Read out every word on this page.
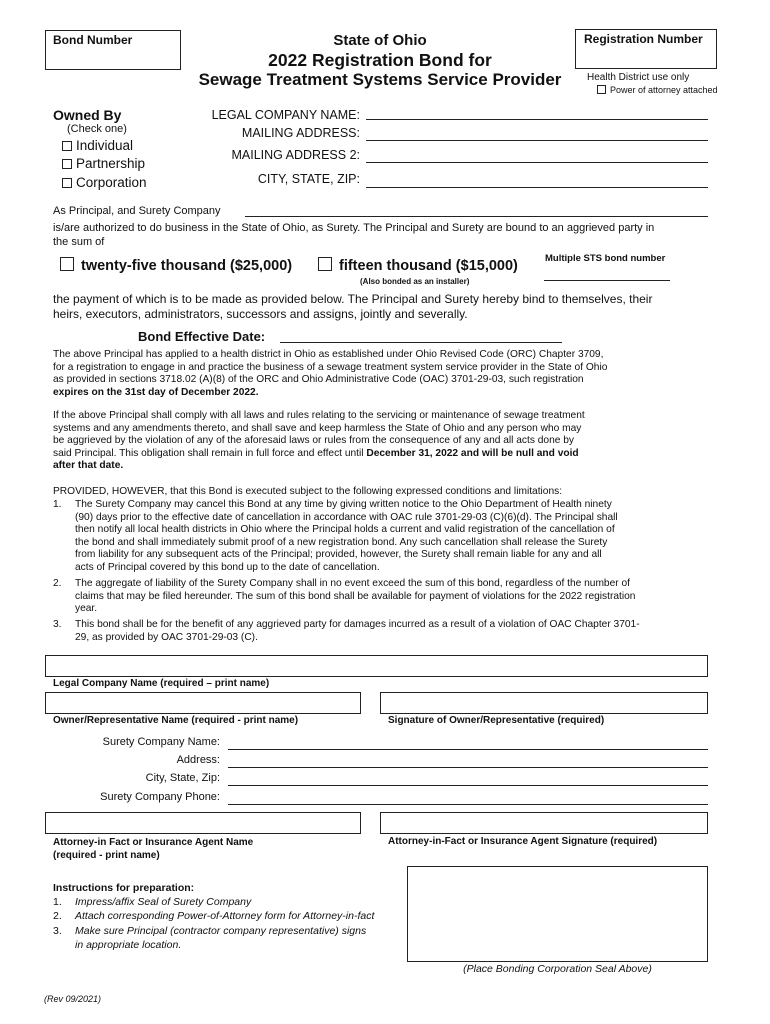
Bond Number	State of Ohio
2022 Registration Bond for
Sewage Treatment Systems Service Provider
Registration Number
Health District use only
Power of attorney attached
Owned By
(Check one)
Individual
Partnership
Corporation
LEGAL COMPANY NAME:
MAILING ADDRESS:
MAILING ADDRESS 2:
CITY, STATE, ZIP:
As Principal, and Surety Company
is/are authorized to do business in the State of Ohio, as Surety. The Principal and Surety are bound to an aggrieved party in
the sum of
twenty-five thousand ($25,000)	fifteen thousand ($15,000)
(Also bonded as an installer)
Multiple STS bond number
the payment of which is to be made as provided below. The Principal and Surety hereby bind to themselves, their
heirs, executors, administrators, successors and assigns, jointly and severally.
Bond Effective Date:
The above Principal has applied to a health district in Ohio as established under Ohio Revised Code (ORC) Chapter 3709,
for a registration to engage in and practice the business of a sewage treatment system service provider in the State of Ohio
as provided in sections 3718.02 (A)(8) of the ORC and Ohio Administrative Code (OAC) 3701-29-03, such registration
expires on the 31st day of December 2022.
If the above Principal shall comply with all laws and rules relating to the servicing or maintenance of sewage treatment
systems and any amendments thereto, and shall save and keep harmless the State of Ohio and any person who may
be aggrieved by the violation of any of the aforesaid laws or rules from the consequence of any and all acts done by
said Principal. This obligation shall remain in full force and effect until December 31, 2022 and will be null and void
after that date.
PROVIDED, HOWEVER, that this Bond is executed subject to the following expressed conditions and limitations:
1. The Surety Company may cancel this Bond at any time by giving written notice to the Ohio Department of Health ninety
(90) days prior to the effective date of cancellation in accordance with OAC rule 3701-29-03 (C)(6)(d). The Principal shall
then notify all local health districts in Ohio where the Principal holds a current and valid registration of the cancellation of
the bond and shall immediately submit proof of a new registration bond. Any such cancellation shall release the Surety
from liability for any subsequent acts of the Principal; provided, however, the Surety shall remain liable for any and all
acts of Principal covered by this bond up to the date of cancellation.
2. The aggregate of liability of the Surety Company shall in no event exceed the sum of this bond, regardless of the number of
claims that may be filed hereunder. The sum of this bond shall be available for payment of violations for the 2022 registration
year.
3. This bond shall be for the benefit of any aggrieved party for damages incurred as a result of a violation of OAC Chapter 3701-
29, as provided by OAC 3701-29-03 (C).
Legal Company Name (required – print name)
Owner/Representative Name (required - print name)	Signature of Owner/Representative (required)
Surety Company Name:
Address:
City, State, Zip:
Surety Company Phone:
Attorney-in Fact or Insurance Agent Name
(required - print name)
Attorney-in-Fact or Insurance Agent Signature (required)
Instructions for preparation:
1. Impress/affix Seal of Surety Company
2. Attach corresponding Power-of-Attorney form for Attorney-in-fact
3. Make sure Principal (contractor company representative) signs
in appropriate location.
(Place Bonding Corporation Seal Above)
(Rev 09/2021)
